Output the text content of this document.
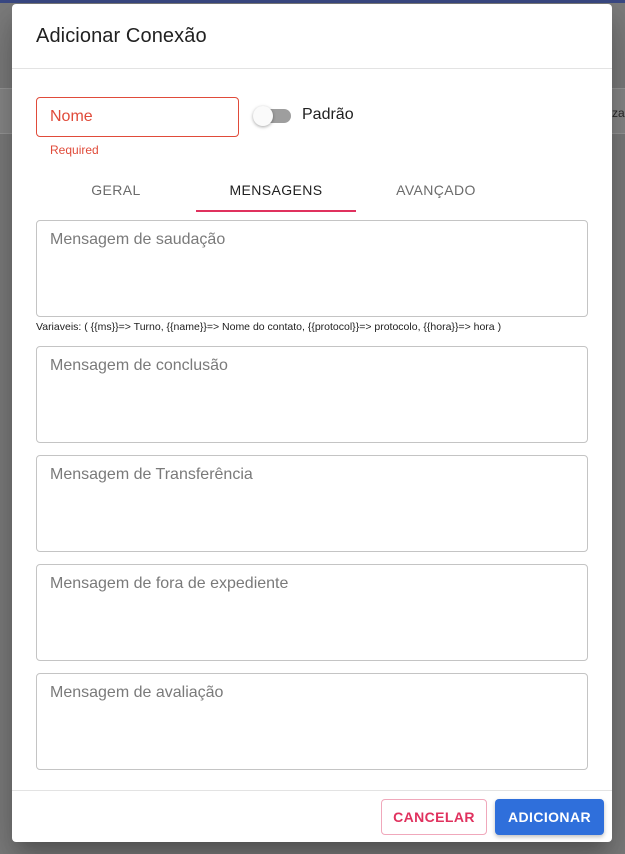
za
Adicionar Conexão
Nome
Required
Padrão
GERAL	MENSAGENS	AVANÇADO
Mensagem de saudação
Variaveis: ( {{ms}}=> Turno, {{name}}=> Nome do contato, {{protocol}}=> protocolo, {{hora}}=> hora )
Mensagem de conclusão
Mensagem de Transferência
Mensagem de fora de expediente
Mensagem de avaliação
CANCELAR	ADICIONAR
